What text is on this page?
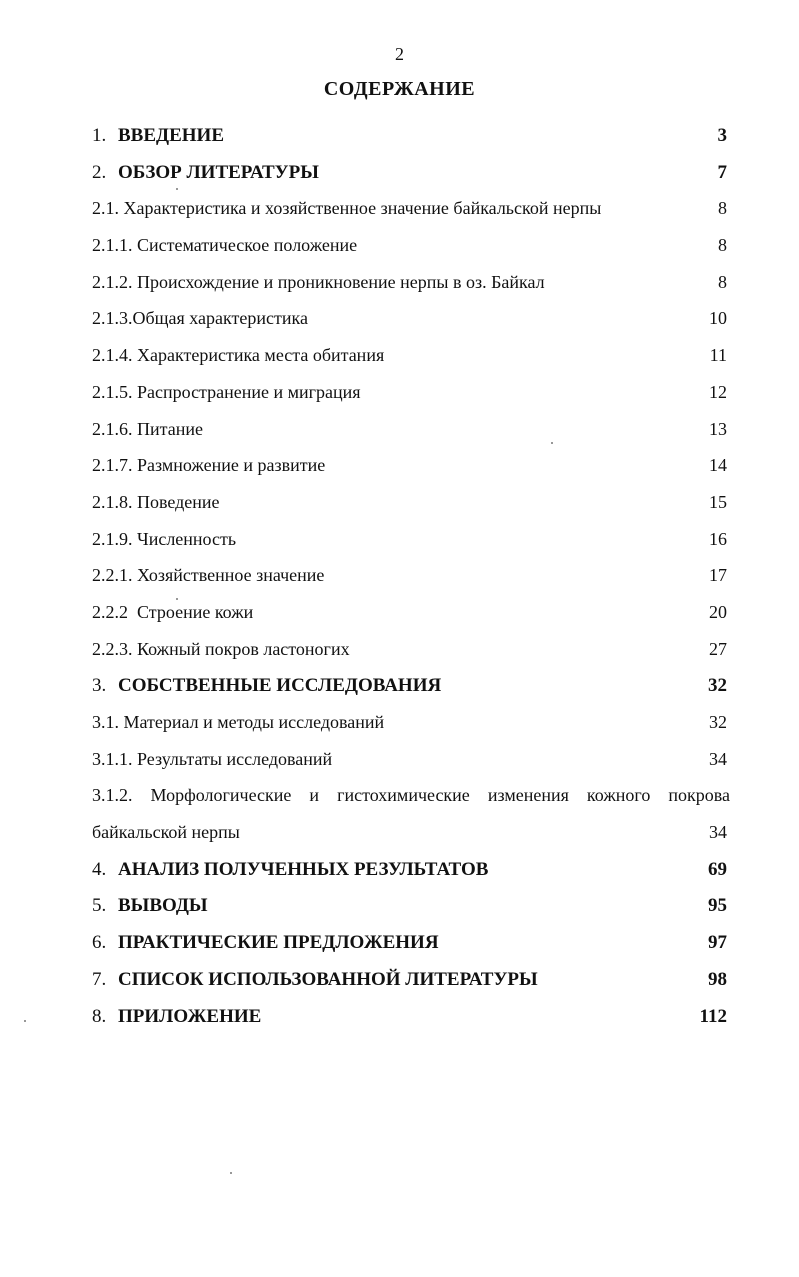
2
СОДЕРЖАНИЕ
1. ВВЕДЕНИЕ	3
2. ОБЗОР ЛИТЕРАТУРЫ	7
2.1. Характеристика и хозяйственное значение байкальской нерпы	8
2.1.1. Систематическое положение	8
2.1.2. Происхождение и проникновение нерпы в оз. Байкал	8
2.1.3.Общая характеристика	10
2.1.4. Характеристика места обитания	11
2.1.5. Распространение и миграция	12
2.1.6. Питание	13
2.1.7. Размножение и развитие	14
2.1.8. Поведение	15
2.1.9. Численность	16
2.2.1. Хозяйственное значение	17
2.2.2  Строение кожи	20
2.2.3. Кожный покров ластоногих	27
3. СОБСТВЕННЫЕ ИССЛЕДОВАНИЯ	32
3.1. Материал и методы исследований	32
3.1.1. Результаты исследований	34
3.1.2. Морфологические и гистохимические изменения кожного покрова
байкальской нерпы	34
4. АНАЛИЗ ПОЛУЧЕННЫХ РЕЗУЛЬТАТОВ	69
5. ВЫВОДЫ	95
6. ПРАКТИЧЕСКИЕ ПРЕДЛОЖЕНИЯ	97
7. СПИСОК ИСПОЛЬЗОВАННОЙ ЛИТЕРАТУРЫ	98
8. ПРИЛОЖЕНИЕ	112
